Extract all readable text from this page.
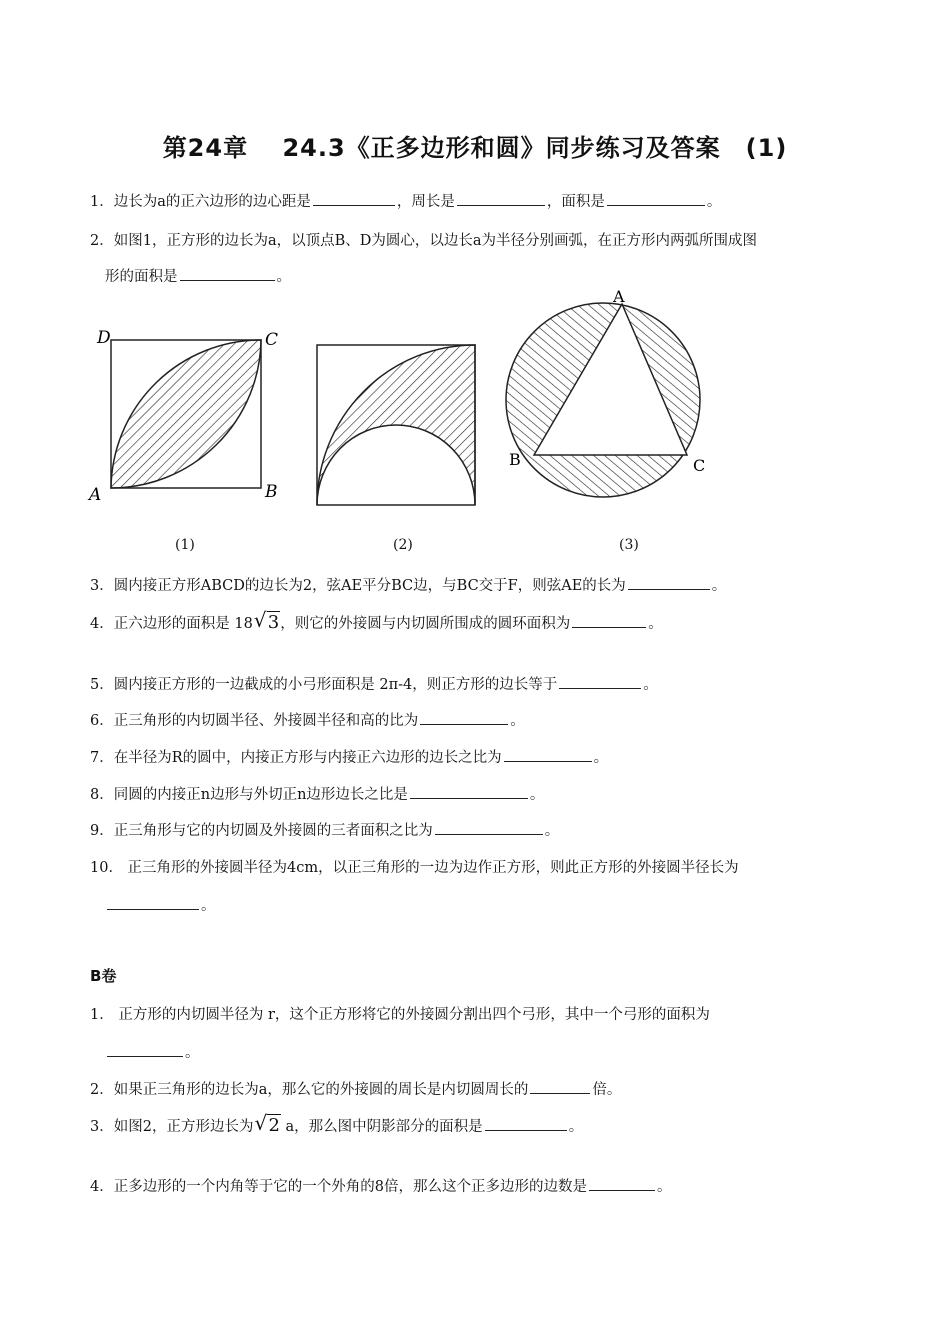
第24章　 24.3《正多边形和圆》同步练习及答案　(1)
1．边长为a的正六边形的边心距是	，周长是	，面积是	。
2．如图1，正方形的边长为a，以顶点B、D为圆心，以边长a为半径分别画弧，在正方形内两弧所围成图
形的面积是	。
D	C
A	B
A
B	C
(1)	(2)	(3)
3．圆内接正方形ABCD的边长为2，弦AE平分BC边，与BC交于F，则弦AE的长为	。
4．正六边形的面积是 18 √ 3，则它的外接圆与内切圆所围成的圆环面积为	。
5．圆内接正方形的一边截成的小弓形面积是 2π-4，则正方形的边长等于	。
6．正三角形的内切圆半径、外接圆半径和高的比为	。
7．在半径为R的圆中，内接正方形与内接正六边形的边长之比为	。
8．同圆的内接正n边形与外切正n边形边长之比是	。
9．正三角形与它的内切圆及外接圆的三者面积之比为	。
10． 正三角形的外接圆半径为4cm，以正三角形的一边为边作正方形，则此正方形的外接圆半径长为
。
B卷
1． 正方形的内切圆半径为 r，这个正方形将它的外接圆分割出四个弓形，其中一个弓形的面积为
。
2．如果正三角形的边长为a，那么它的外接圆的周长是内切圆周长的	倍。
3．如图2，正方形边长为 √ 2 a，那么图中阴影部分的面积是	。
4．正多边形的一个内角等于它的一个外角的8倍，那么这个正多边形的边数是	。
